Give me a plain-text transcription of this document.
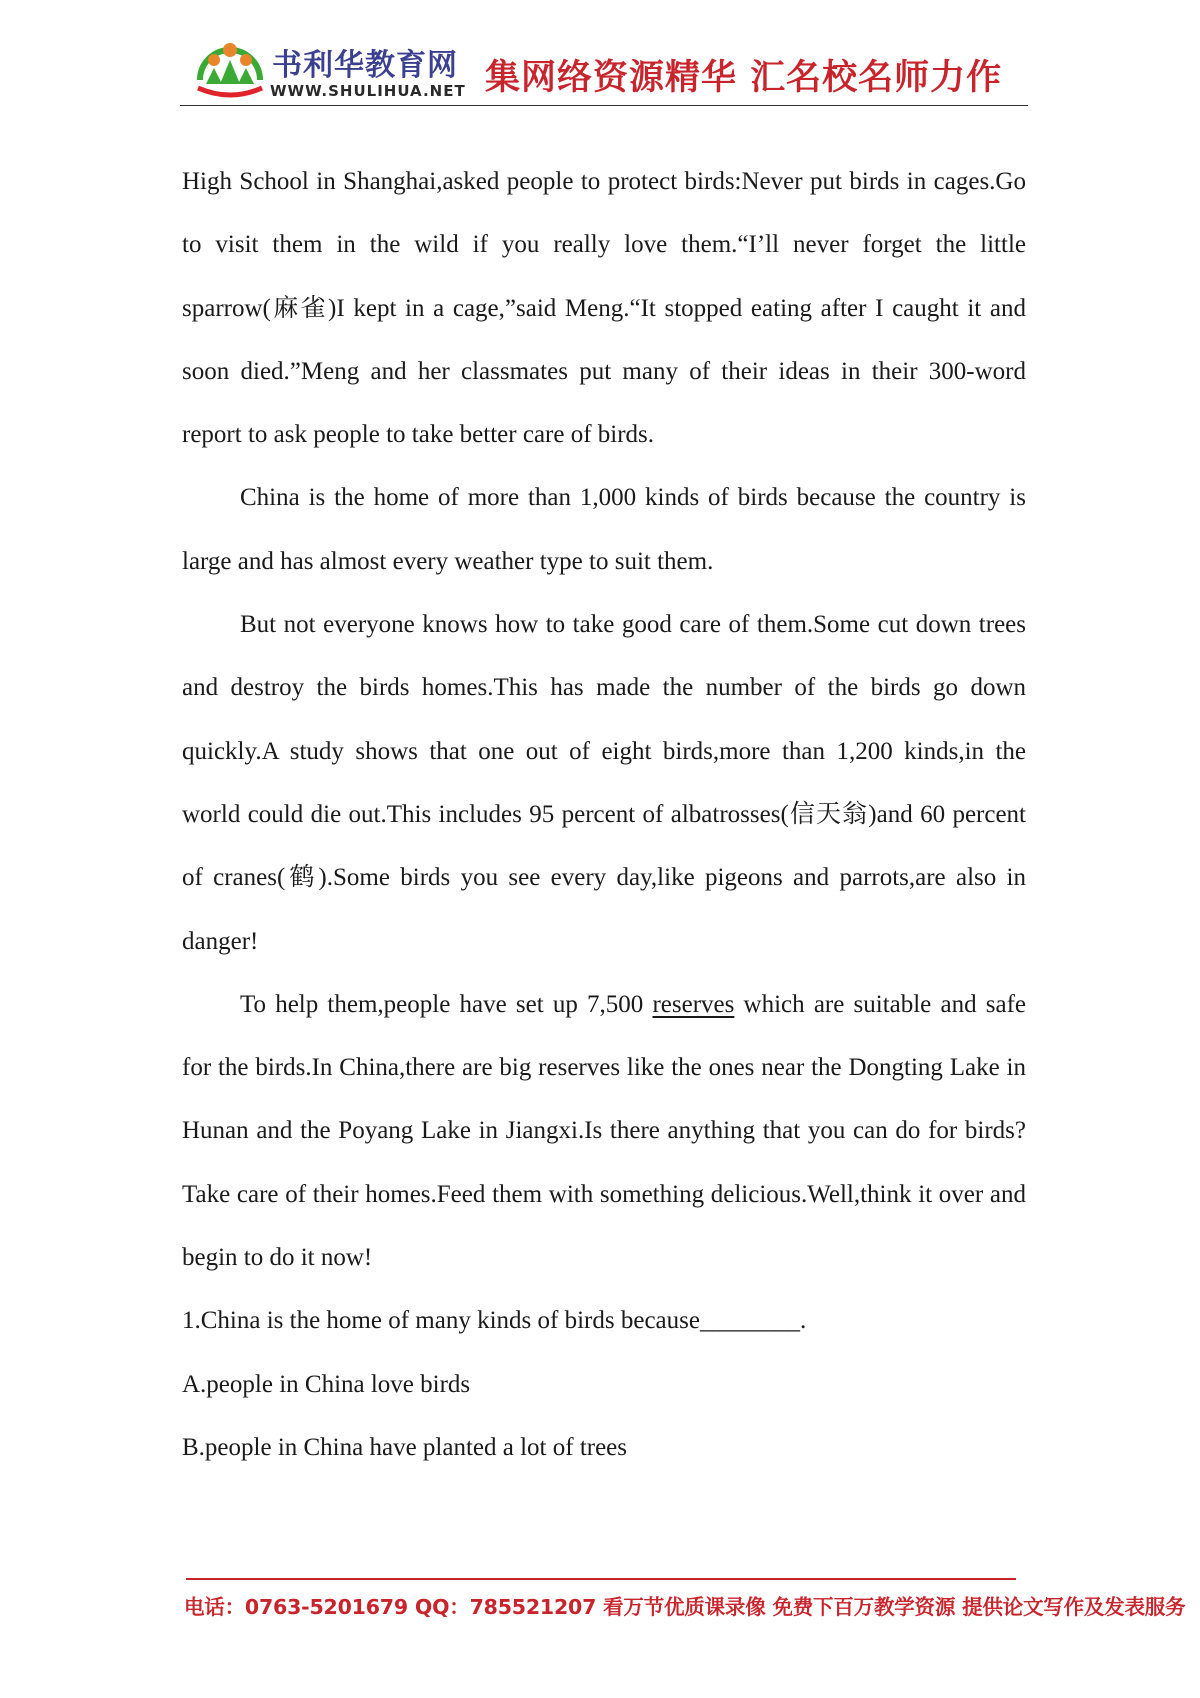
书利华教育网
WWW.SHULIHUA.NET 集网络资源精华 汇名校名师力作

High School in Shanghai,asked people to protect birds:Never put birds in cages.Go to visit them in the wild if you really love them.“I’ll never forget the little sparrow(麻雀)I kept in a cage,”said Meng.“It stopped eating after I caught it and soon died.”Meng and her classmates put many of their ideas in their 300-word report to ask people to take better care of birds.

China is the home of more than 1,000 kinds of birds because the country is large and has almost every weather type to suit them.

But not everyone knows how to take good care of them.Some cut down trees and destroy the birds homes.This has made the number of the birds go down quickly.A study shows that one out of eight birds,more than 1,200 kinds,in the world could die out.This includes 95 percent of albatrosses(信天翁)and 60 percent of cranes(鹤).Some birds you see every day,like pigeons and parrots,are also in danger!

To help them,people have set up 7,500 reserves which are suitable and safe for the birds.In China,there are big reserves like the ones near the Dongting Lake in Hunan and the Poyang Lake in Jiangxi.Is there anything that you can do for birds?Take care of their homes.Feed them with something delicious.Well,think it over and begin to do it now!

1.China is the home of many kinds of birds because________.

A.people in China love birds

B.people in China have planted a lot of trees

电话：0763-5201679 QQ：785521207 看万节优质课录像 免费下百万教学资源 提供论文写作及发表服务
